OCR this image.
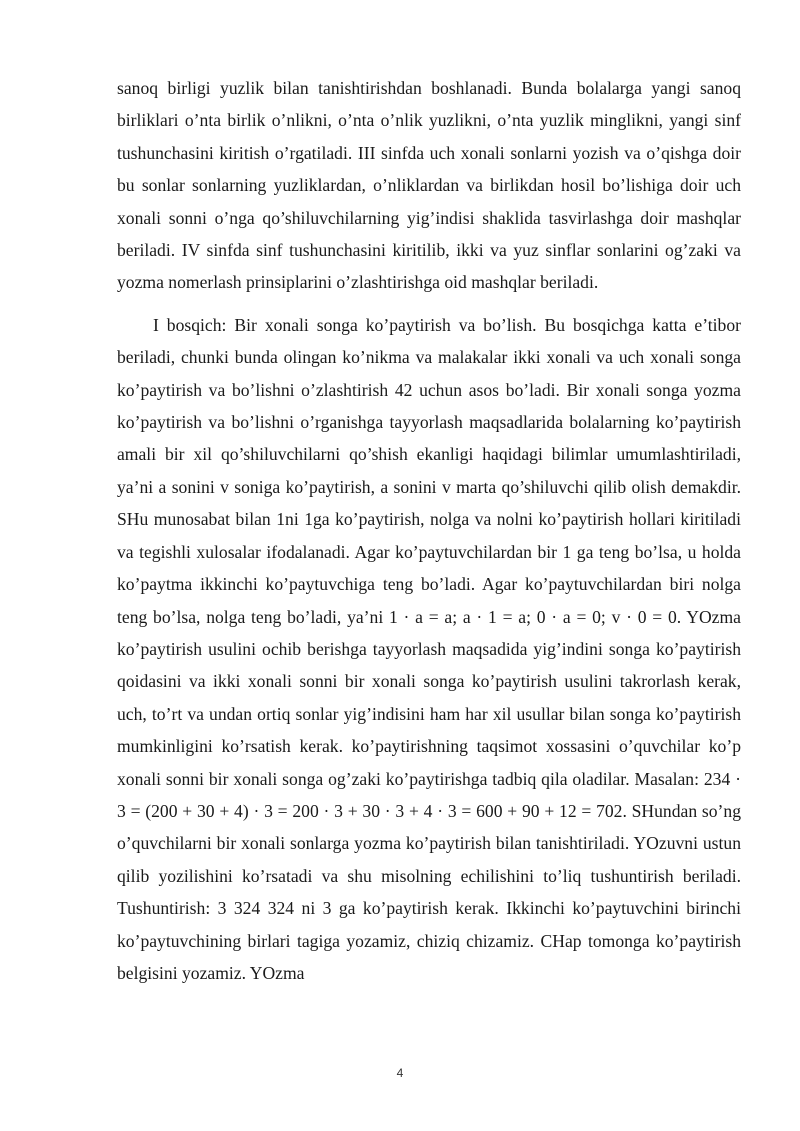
sanoq birligi yuzlik bilan tanishtirishdan boshlanadi. Bunda bolalarga yangi sanoq birliklari o’nta birlik o’nlikni, o’nta o’nlik yuzlikni, o’nta yuzlik minglikni, yangi sinf tushunchasini kiritish o’rgatiladi. III sinfda uch xonali sonlarni yozish va o’qishga doir bu sonlar sonlarning yuzliklardan, o’nliklardan va birlikdan hosil bo’lishiga doir uch xonali sonni o’nga qo’shiluvchilarning yig’indisi shaklida tasvirlashga doir mashqlar beriladi. IV sinfda sinf tushunchasini kiritilib, ikki va yuz sinflar sonlarini og’zaki va yozma nomerlash prinsiplarini o’zlashtirishga oid mashqlar beriladi.

I bosqich: Bir xonali songa ko’paytirish va bo’lish. Bu bosqichga katta e’tibor beriladi, chunki bunda olingan ko’nikma va malakalar ikki xonali va uch xonali songa ko’paytirish va bo’lishni o’zlashtirish 42 uchun asos bo’ladi. Bir xonali songa yozma ko’paytirish va bo’lishni o’rganishga tayyorlash maqsadlarida bolalarning ko’paytirish amali bir xil qo’shiluvchilarni qo’shish ekanligi haqidagi bilimlar umumlashtiriladi, ya’ni a sonini v soniga ko’paytirish, a sonini v marta qo’shiluvchi qilib olish demakdir. SHu munosabat bilan 1ni 1ga ko’paytirish, nolga va nolni ko’paytirish hollari kiritiladi va tegishli xulosalar ifodalanadi. Agar ko’paytuvchilardan bir 1 ga teng bo’lsa, u holda ko’paytma ikkinchi ko’paytuvchiga teng bo’ladi. Agar ko’paytuvchilardan biri nolga teng bo’lsa, nolga teng bo’ladi, ya’ni 1 · a = a; a · 1 = a; 0 · a = 0; v · 0 = 0. YOzma ko’paytirish usulini ochib berishga tayyorlash maqsadida yig’indini songa ko’paytirish qoidasini va ikki xonali sonni bir xonali songa ko’paytirish usulini takrorlash kerak, uch, to’rt va undan ortiq sonlar yig’indisini ham har xil usullar bilan songa ko’paytirish mumkinligini ko’rsatish kerak. ko’paytirishning taqsimot xossasini o’quvchilar ko’p xonali sonni bir xonali songa og’zaki ko’paytirishga tadbiq qila oladilar. Masalan: 234 · 3 = (200 + 30 + 4) · 3 = 200 · 3 + 30 · 3 + 4 · 3 = 600 + 90 + 12 = 702. SHundan so’ng o’quvchilarni bir xonali sonlarga yozma ko’paytirish bilan tanishtiriladi. YOzuvni ustun qilib yozilishini ko’rsatadi va shu misolning echilishini to’liq tushuntirish beriladi. Tushuntirish: 3 324 324 ni 3 ga ko’paytirish kerak. Ikkinchi ko’paytuvchini birinchi ko’paytuvchining birlari tagiga yozamiz, chiziq chizamiz. CHap tomonga ko’paytirish belgisini yozamiz. YOzma

4
